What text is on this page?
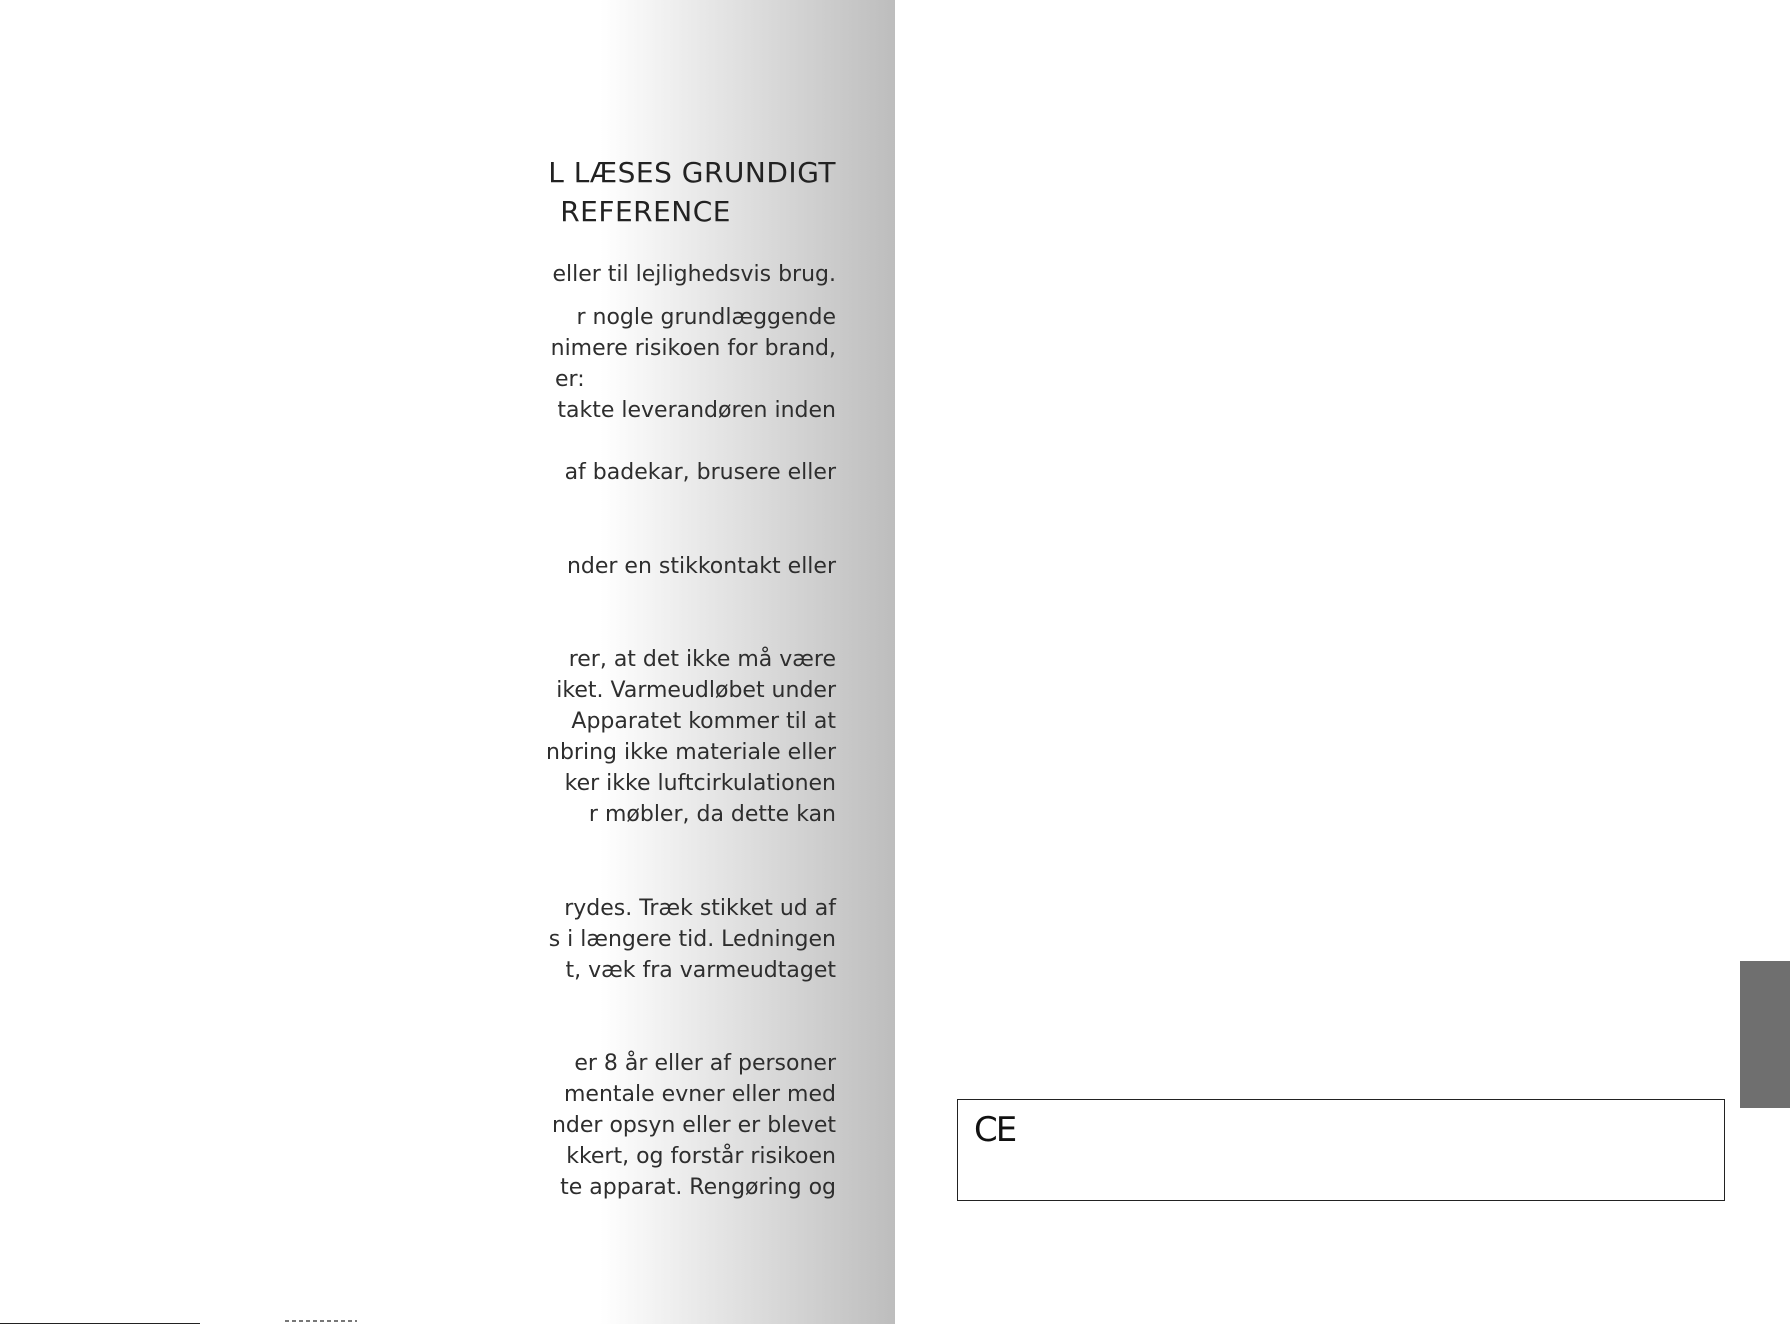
L LÆSES GRUNDIGT
REFERENCE
eller til lejlighedsvis brug.
r nogle grundlæggende
nimere risikoen for brand,
er:
takte leverandøren inden
af badekar, brusere eller
nder en stikkontakt eller
rer, at det ikke må være
iket. Varmeudløbet under
Apparatet kommer til at
nbring ikke materiale eller
ker ikke luftcirkulationen
r møbler, da dette kan
rydes. Træk stikket ud af
s i længere tid. Ledningen
t, væk fra varmeudtaget
er 8 år eller af personer
mentale evner eller med
nder opsyn eller er blevet
kkert, og forstår risikoen
te apparat. Rengøring og
CE
